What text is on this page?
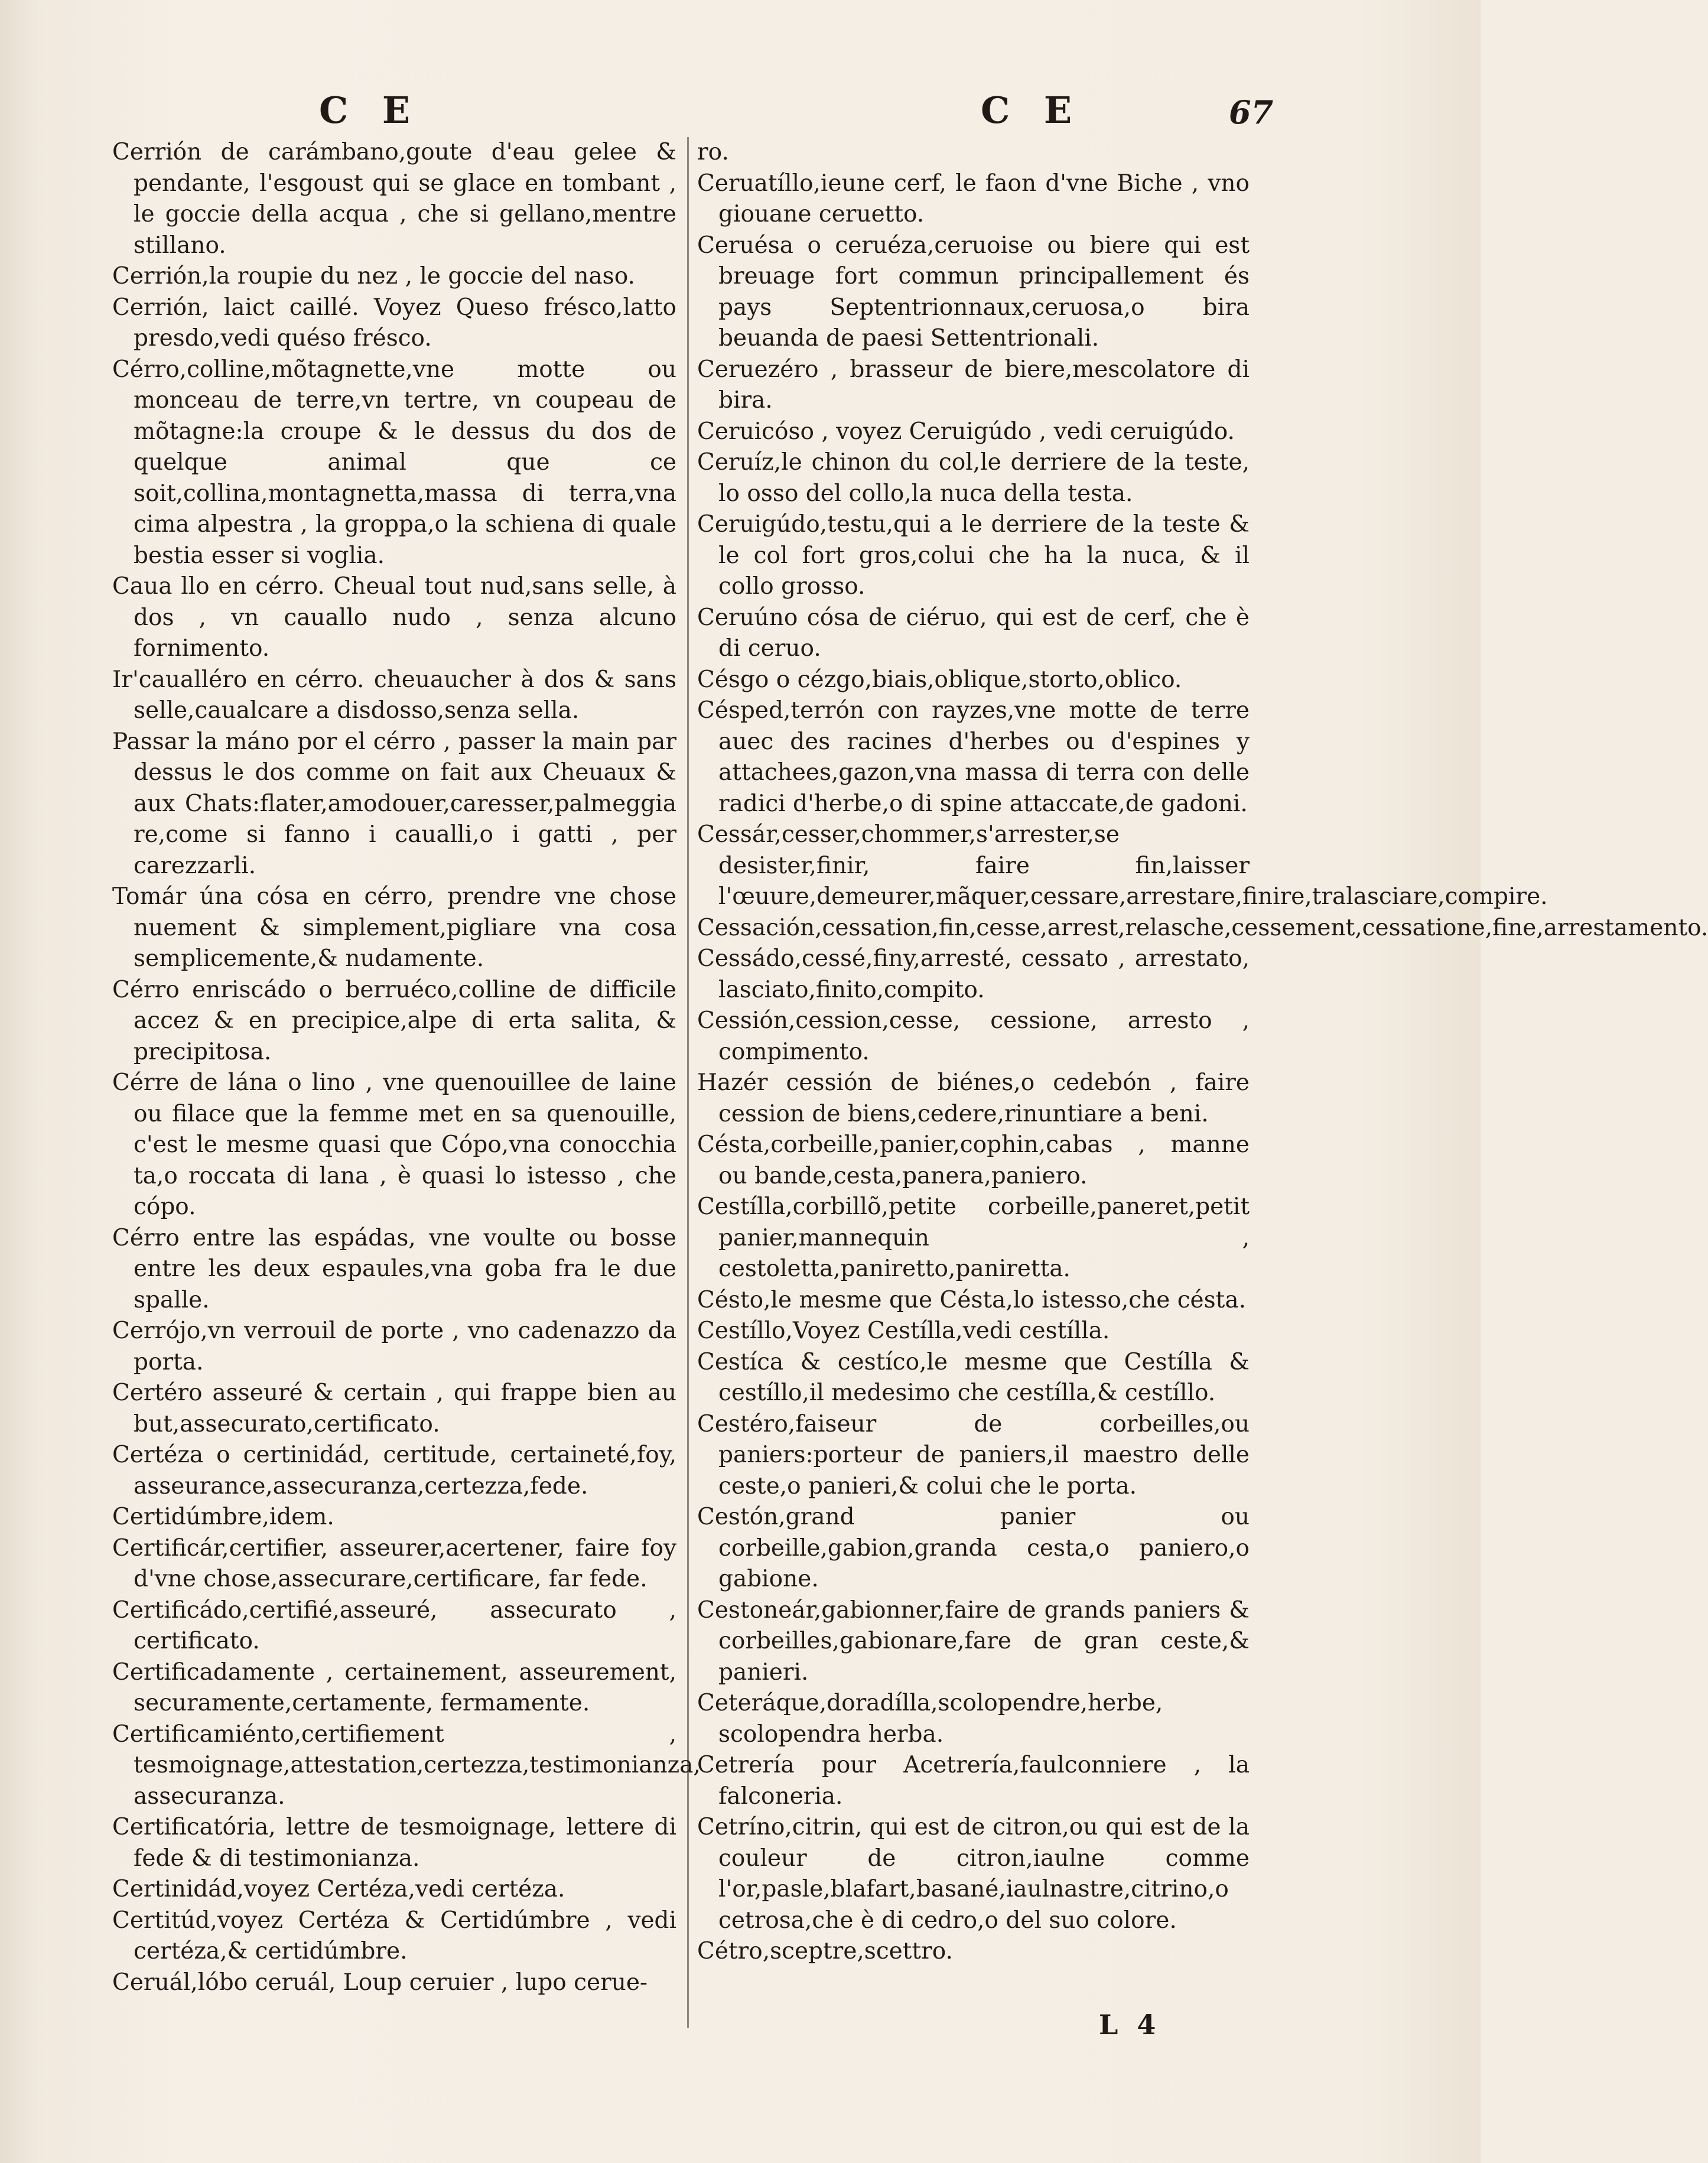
C E	C E	67

Cerrión de carámbano,goute d'eau gelee & pendante, l'esgoust qui se glace en tombant , le goccie della acqua , che si gellano,mentre stillano.

Cerrión,la roupie du nez , le goccie del naso.

Cerrión, laict caillé. Voyez Queso frésco,latto presdo,vedi quéso frésco.

Cérro,colline,mõtagnette,vne motte ou monceau de terre,vn tertre, vn coupeau de mõtagne:la croupe & le dessus du dos de quelque animal que ce soit,collina,montagnetta,massa di terra,vna cima alpestra , la groppa,o la schiena di quale bestia esser si voglia.

Caua llo en cérro. Cheual tout nud,sans selle, à dos , vn cauallo nudo , senza alcuno fornimento.

Ir'caualléro en cérro. cheuaucher à dos & sans selle,caualcare a disdosso,senza sella.

Passar la máno por el cérro , passer la main par dessus le dos comme on fait aux Cheuaux & aux Chats:flater,amodouer,caresser,palmeggia re,come si fanno i caualli,o i gatti , per carezzarli.

Tomár úna cósa en cérro, prendre vne chose nuement & simplement,pigliare vna cosa semplicemente,& nudamente.

Cérro enriscádo o berruéco,colline de difficile accez & en precipice,alpe di erta salita, & precipitosa.

Cérre de lána o lino , vne quenouillee de laine ou filace que la femme met en sa quenouille, c'est le mesme quasi que Cópo,vna conocchia ta,o roccata di lana , è quasi lo istesso , che cópo.

Cérro entre las espádas, vne voulte ou bosse entre les deux espaules,vna goba fra le due spalle.

Cerrójo,vn verrouil de porte , vno cadenazzo da porta.

Certéro asseuré & certain , qui frappe bien au but,assecurato,certificato.

Certéza o certinidád, certitude, certaineté,foy, asseurance,assecuranza,certezza,fede.

Certidúmbre,idem.

Certificár,certifier, asseurer,acertener, faire foy d'vne chose,assecurare,certificare, far fede.

Certificádo,certifié,asseuré, assecurato , certificato.

Certificadamente , certainement, asseurement, securamente,certamente, fermamente.

Certificamiénto,certifiement , tesmoignage,attestation,certezza,testimonianza, assecuranza.

Certificatória, lettre de tesmoignage, lettere di fede & di testimonianza.

Certinidád,voyez Certéza,vedi certéza.

Certitúd,voyez Certéza & Certidúmbre , vedi certéza,& certidúmbre.

Ceruál,lóbo ceruál, Loup ceruier , lupo cerue-

ro.

Ceruatíllo,ieune cerf, le faon d'vne Biche , vno giouane ceruetto.

Ceruésa o ceruéza,ceruoise ou biere qui est breuage fort commun principallement és pays Septentrionnaux,ceruosa,o bira beuanda de paesi Settentrionali.

Ceruezéro , brasseur de biere,mescolatore di bira.

Ceruicóso , voyez Ceruigúdo , vedi ceruigúdo.

Ceruíz,le chinon du col,le derriere de la teste, lo osso del collo,la nuca della testa.

Ceruigúdo,testu,qui a le derriere de la teste & le col fort gros,colui che ha la nuca, & il collo grosso.

Ceruúno cósa de ciéruo, qui est de cerf, che è di ceruo.

Césgo o cézgo,biais,oblique,storto,oblico.

Césped,terrón con rayzes,vne motte de terre auec des racines d'herbes ou d'espines y attachees,gazon,vna massa di terra con delle radici d'herbe,o di spine attaccate,de gadoni.

Cessár,cesser,chommer,s'arrester,se desister,finir, faire fin,laisser l'œuure,demeurer,mãquer,cessare,arrestare,finire,tralasciare,compire.

Cessación,cessation,fin,cesse,arrest,relasche,cessement,cessatione,fine,arrestamento.

Cessádo,cessé,finy,arresté, cessato , arrestato, lasciato,finito,compito.

Cessión,cession,cesse, cessione, arresto , compimento.

Hazér cessión de biénes,o cedebón , faire cession de biens,cedere,rinuntiare a beni.

Césta,corbeille,panier,cophin,cabas , manne ou bande,cesta,panera,paniero.

Cestílla,corbillõ,petite corbeille,paneret,petit panier,mannequin , cestoletta,paniretto,paniretta.

Césto,le mesme que Césta,lo istesso,che césta.

Cestíllo,Voyez Cestílla,vedi cestílla.

Cestíca & cestíco,le mesme que Cestílla & cestíllo,il medesimo che cestílla,& cestíllo.

Cestéro,faiseur de corbeilles,ou paniers:porteur de paniers,il maestro delle ceste,o panieri,& colui che le porta.

Cestón,grand panier ou corbeille,gabion,granda cesta,o paniero,o gabione.

Cestoneár,gabionner,faire de grands paniers & corbeilles,gabionare,fare de gran ceste,& panieri.

Ceteráque,doradílla,scolopendre,herbe, scolopendra herba.

Cetrería pour Acetrería,faulconniere , la falconeria.

Cetríno,citrin, qui est de citron,ou qui est de la couleur de citron,iaulne comme l'or,pasle,blafart,basané,iaulnastre,citrino,o cetrosa,che è di cedro,o del suo colore.

Cétro,sceptre,scettro.

L 4
